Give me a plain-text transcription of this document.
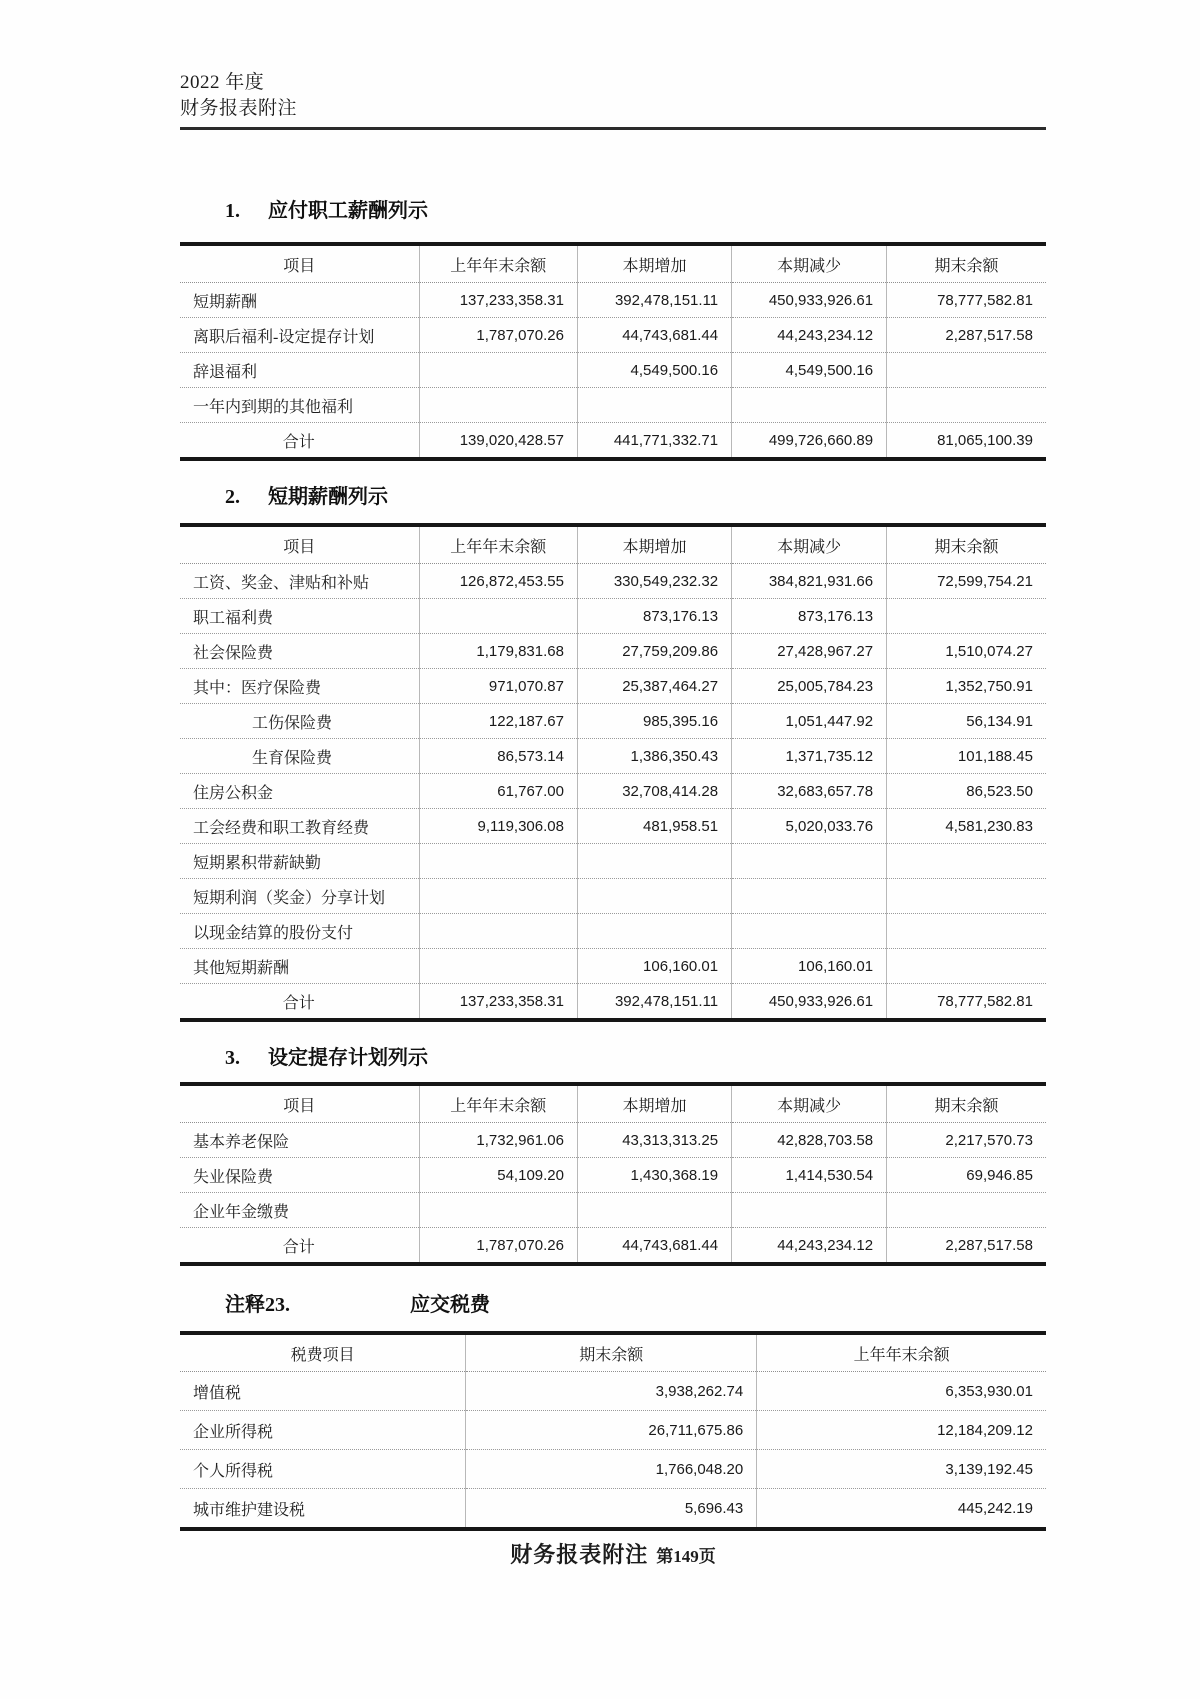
2022 年度
财务报表附注
1. 应付职工薪酬列示
项目	上年年末余额	本期增加	本期减少	期末余额
短期薪酬	137,233,358.31	392,478,151.11	450,933,926.61	78,777,582.81
离职后福利-设定提存计划	1,787,070.26	44,743,681.44	44,243,234.12	2,287,517.58
辞退福利		4,549,500.16	4,549,500.16	
一年内到期的其他福利				
合计	139,020,428.57	441,771,332.71	499,726,660.89	81,065,100.39
2. 短期薪酬列示
项目	上年年末余额	本期增加	本期减少	期末余额
工资、奖金、津贴和补贴	126,872,453.55	330,549,232.32	384,821,931.66	72,599,754.21
职工福利费		873,176.13	873,176.13	
社会保险费	1,179,831.68	27,759,209.86	27,428,967.27	1,510,074.27
其中：医疗保险费	971,070.87	25,387,464.27	25,005,784.23	1,352,750.91
工伤保险费	122,187.67	985,395.16	1,051,447.92	56,134.91
生育保险费	86,573.14	1,386,350.43	1,371,735.12	101,188.45
住房公积金	61,767.00	32,708,414.28	32,683,657.78	86,523.50
工会经费和职工教育经费	9,119,306.08	481,958.51	5,020,033.76	4,581,230.83
短期累积带薪缺勤				
短期利润（奖金）分享计划				
以现金结算的股份支付				
其他短期薪酬		106,160.01	106,160.01	
合计	137,233,358.31	392,478,151.11	450,933,926.61	78,777,582.81
3. 设定提存计划列示
项目	上年年末余额	本期增加	本期减少	期末余额
基本养老保险	1,732,961.06	43,313,313.25	42,828,703.58	2,217,570.73
失业保险费	54,109.20	1,430,368.19	1,414,530.54	69,946.85
企业年金缴费				
合计	1,787,070.26	44,743,681.44	44,243,234.12	2,287,517.58
注释23.	应交税费
税费项目	期末余额	上年年末余额
增值税	3,938,262.74	6,353,930.01
企业所得税	26,711,675.86	12,184,209.12
个人所得税	1,766,048.20	3,139,192.45
城市维护建设税	5,696.43	445,242.19
财务报表附注 第149页
